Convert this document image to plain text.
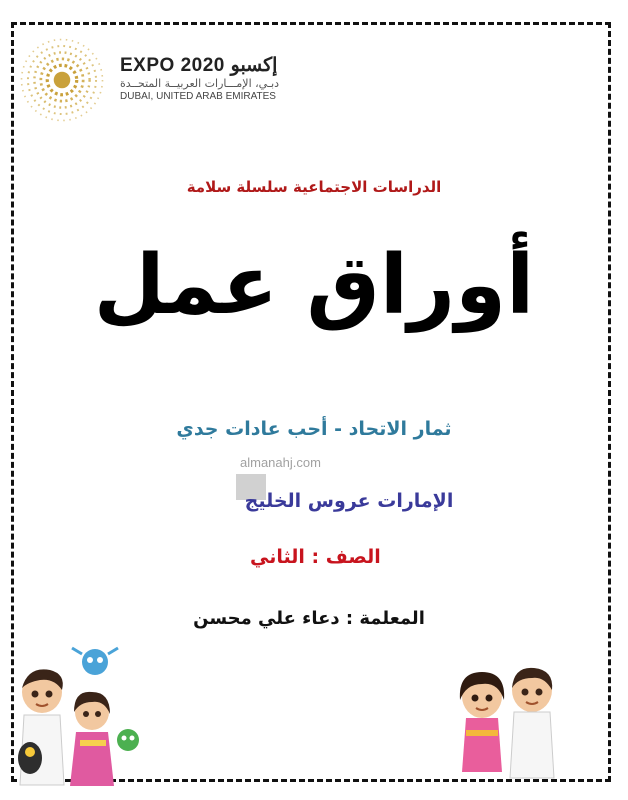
EXPO 2020 إكسبو
دبـي، الإمـــارات العربيــة المتحــدة
DUBAI, UNITED ARAB EMIRATES
الدراسات الاجتماعية سلسلة سلامة
أوراق عمل
ثمار الاتحاد - أحب عادات جدي
almanahj.com
الإمارات عروس الخليج
الصف : الثاني
المعلمة : دعاء علي محسن
